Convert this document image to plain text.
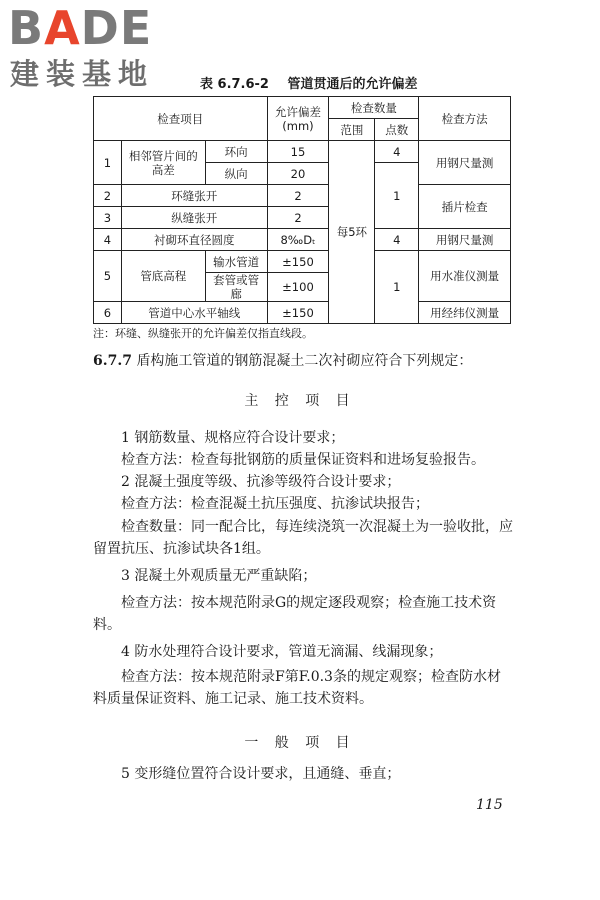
BADE
建装基地	表 6.7.6-2 管道贯通后的允许偏差
检查项目			允许偏差(mm)	检查数量		检查方法
				范围	点数	
1	相邻管片间的高差	环向	15	每5环	4	用钢尺量测
		纵向	20		1	
2	环缝张开		2			插片检查
3	纵缝张开		2			
4	衬砌环直径圆度		8‰Dₜ		4	用钢尺量测
5	管底高程	输水管道	±150		1	用水准仪测量
		套管或管廊	±100			
6	管道中心水平轴线		±150			用经纬仪测量
注：环缝、纵缝张开的允许偏差仅指直线段。
6.7.7 盾构施工管道的钢筋混凝土二次衬砌应符合下列规定：
主 控 项 目
1 钢筋数量、规格应符合设计要求；
检查方法：检查每批钢筋的质量保证资料和进场复验报告。
2 混凝土强度等级、抗渗等级符合设计要求；
检查方法：检查混凝土抗压强度、抗渗试块报告；
检查数量：同一配合比，每连续浇筑一次混凝土为一验收批，应留置抗压、抗渗试块各1组。
3 混凝土外观质量无严重缺陷；
检查方法：按本规范附录G的规定逐段观察；检查施工技术资料。
4 防水处理符合设计要求，管道无滴漏、线漏现象；
检查方法：按本规范附录F第F.0.3条的规定观察；检查防水材料质量保证资料、施工记录、施工技术资料。
一 般 项 目
5 变形缝位置符合设计要求，且通缝、垂直；
115
